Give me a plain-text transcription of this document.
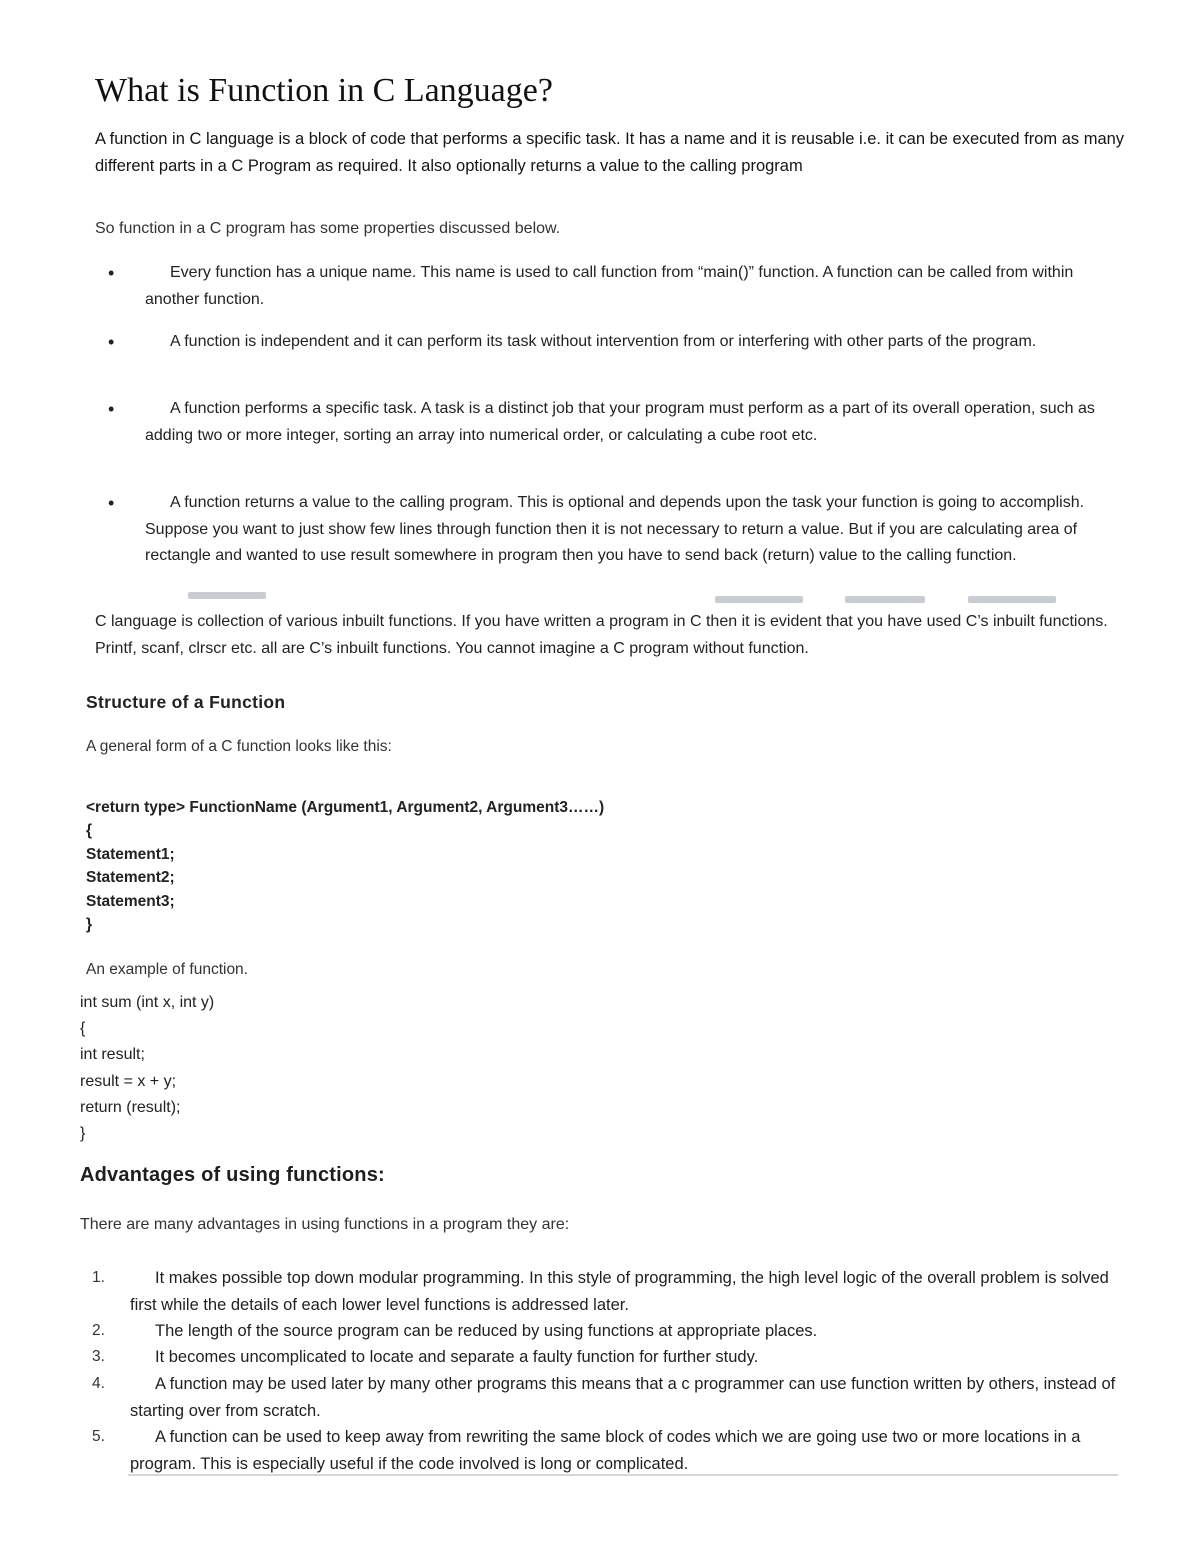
What is Function in C Language?

A function in C language is a block of code that performs a specific task. It has a name and it is reusable i.e. it can be executed from as many different parts in a C Program as required. It also optionally returns a value to the calling program

So function in a C program has some properties discussed below.

•	Every function has a unique name. This name is used to call function from “main()” function. A function can be called from within another function.
•	A function is independent and it can perform its task without intervention from or interfering with other parts of the program.
•	A function performs a specific task. A task is a distinct job that your program must perform as a part of its overall operation, such as adding two or more integer, sorting an array into numerical order, or calculating a cube root etc.
•	A function returns a value to the calling program. This is optional and depends upon the task your function is going to accomplish. Suppose you want to just show few lines through function then it is not necessary to return a value. But if you are calculating area of rectangle and wanted to use result somewhere in program then you have to send back (return) value to the calling function.

C language is collection of various inbuilt functions. If you have written a program in C then it is evident that you have used C’s inbuilt functions. Printf, scanf, clrscr etc. all are C’s inbuilt functions. You cannot imagine a C program without function.

Structure of a Function

A general form of a C function looks like this:

<return type> FunctionName (Argument1, Argument2, Argument3……)
{
Statement1;
Statement2;
Statement3;
}

An example of function.

int sum (int x, int y)
{
int result;
result = x + y;
return (result);
}
Advantages of using functions:

There are many advantages in using functions in a program they are:

1.	It makes possible top down modular programming. In this style of programming, the high level logic of the overall problem is solved first while the details of each lower level functions is addressed later.
2.	The length of the source program can be reduced by using functions at appropriate places.
3.	It becomes uncomplicated to locate and separate a faulty function for further study.
4.	A function may be used later by many other programs this means that a c programmer can use function written by others, instead of starting over from scratch.
5.	A function can be used to keep away from rewriting the same block of codes which we are going use two or more locations in a program. This is especially useful if the code involved is long or complicated.
